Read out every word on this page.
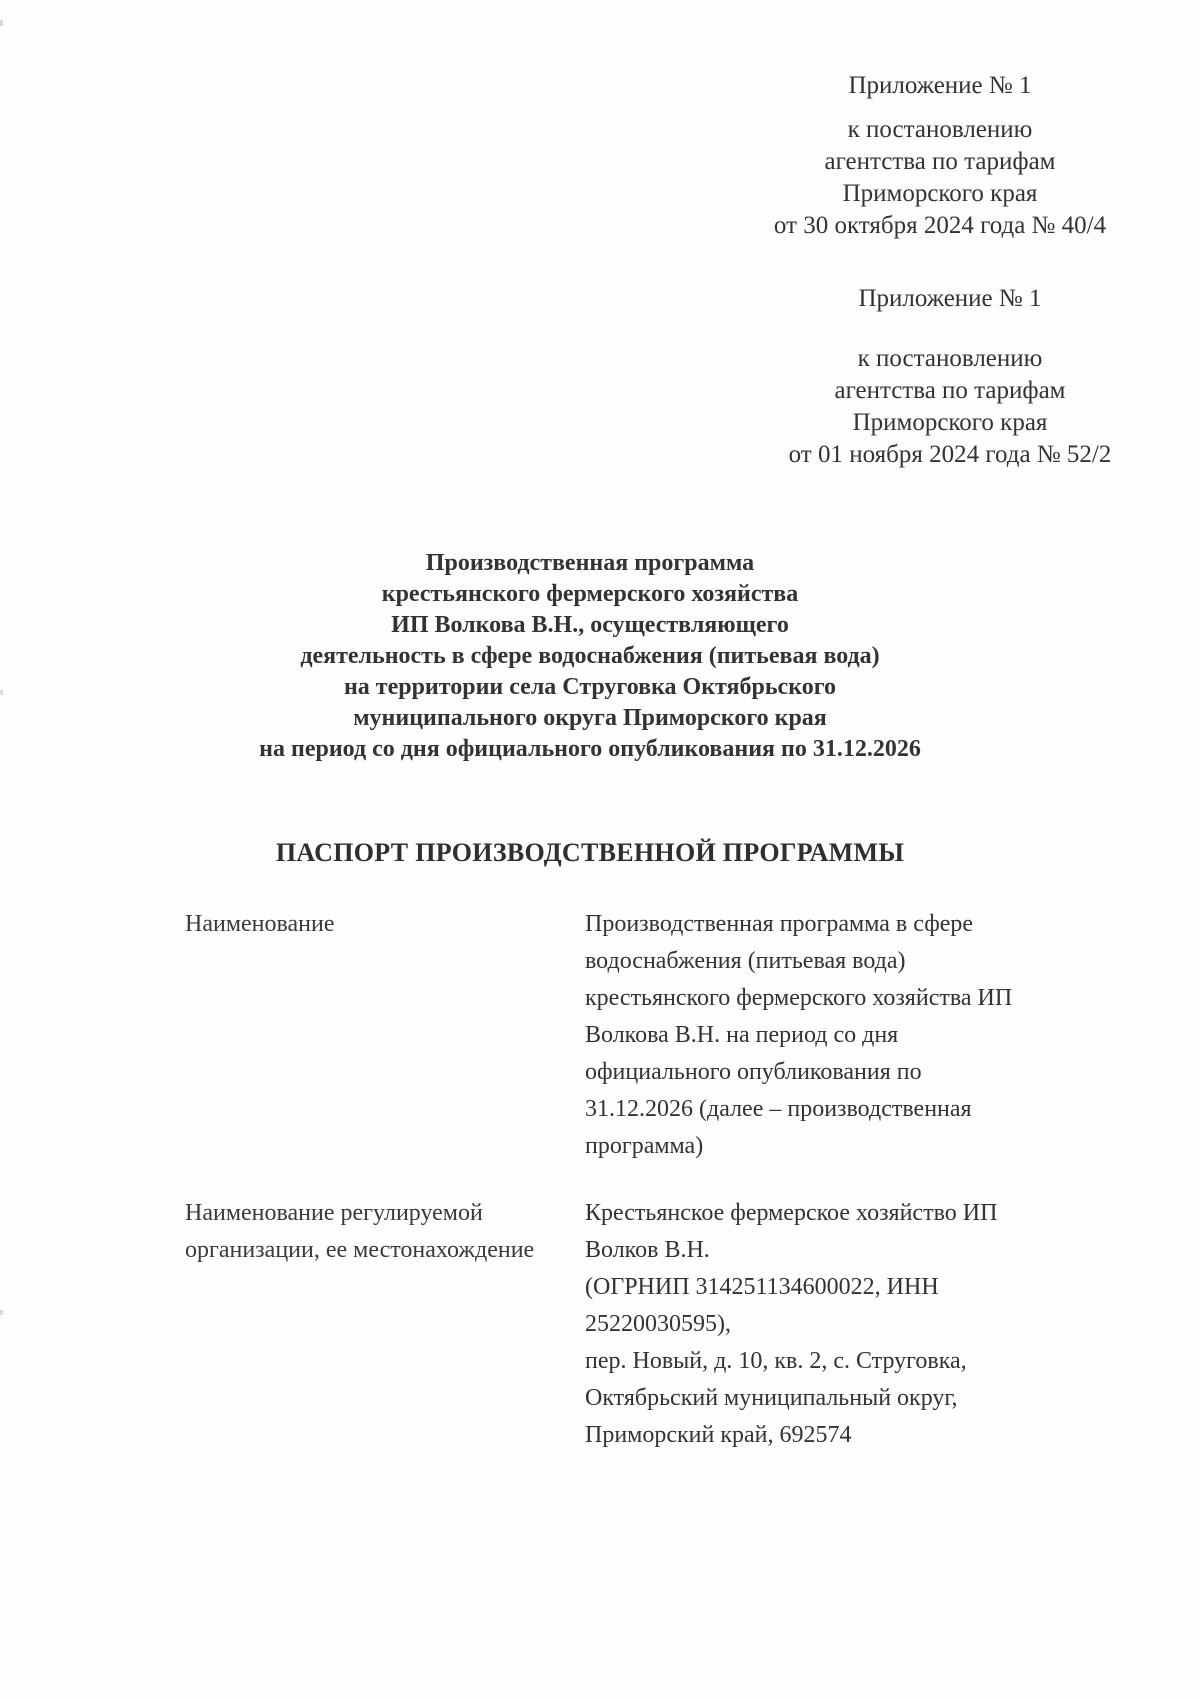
Приложение № 1
к постановлению
агентства по тарифам
Приморского края
от 30 октября 2024 года № 40/4
Приложение № 1
к постановлению
агентства по тарифам
Приморского края
от 01 ноября 2024 года № 52/2
Производственная программа
крестьянского фермерского хозяйства
ИП Волкова В.Н., осуществляющего
деятельность в сфере водоснабжения (питьевая вода)
на территории села Струговка Октябрьского
муниципального округа Приморского края
на период со дня официального опубликования по 31.12.2026
ПАСПОРТ ПРОИЗВОДСТВЕННОЙ ПРОГРАММЫ
Наименование	Производственная программа в сфере
водоснабжения (питьевая вода)
крестьянского фермерского хозяйства ИП
Волкова В.Н. на период со дня
официального опубликования по
31.12.2026 (далее – производственная
программа)
Наименование регулируемой организации, ее местонахождение
Крестьянское фермерское хозяйство ИП
Волков В.Н.
(ОГРНИП 314251134600022, ИНН
25220030595),
пер. Новый, д. 10, кв. 2, с. Струговка,
Октябрьский муниципальный округ,
Приморский край, 692574
